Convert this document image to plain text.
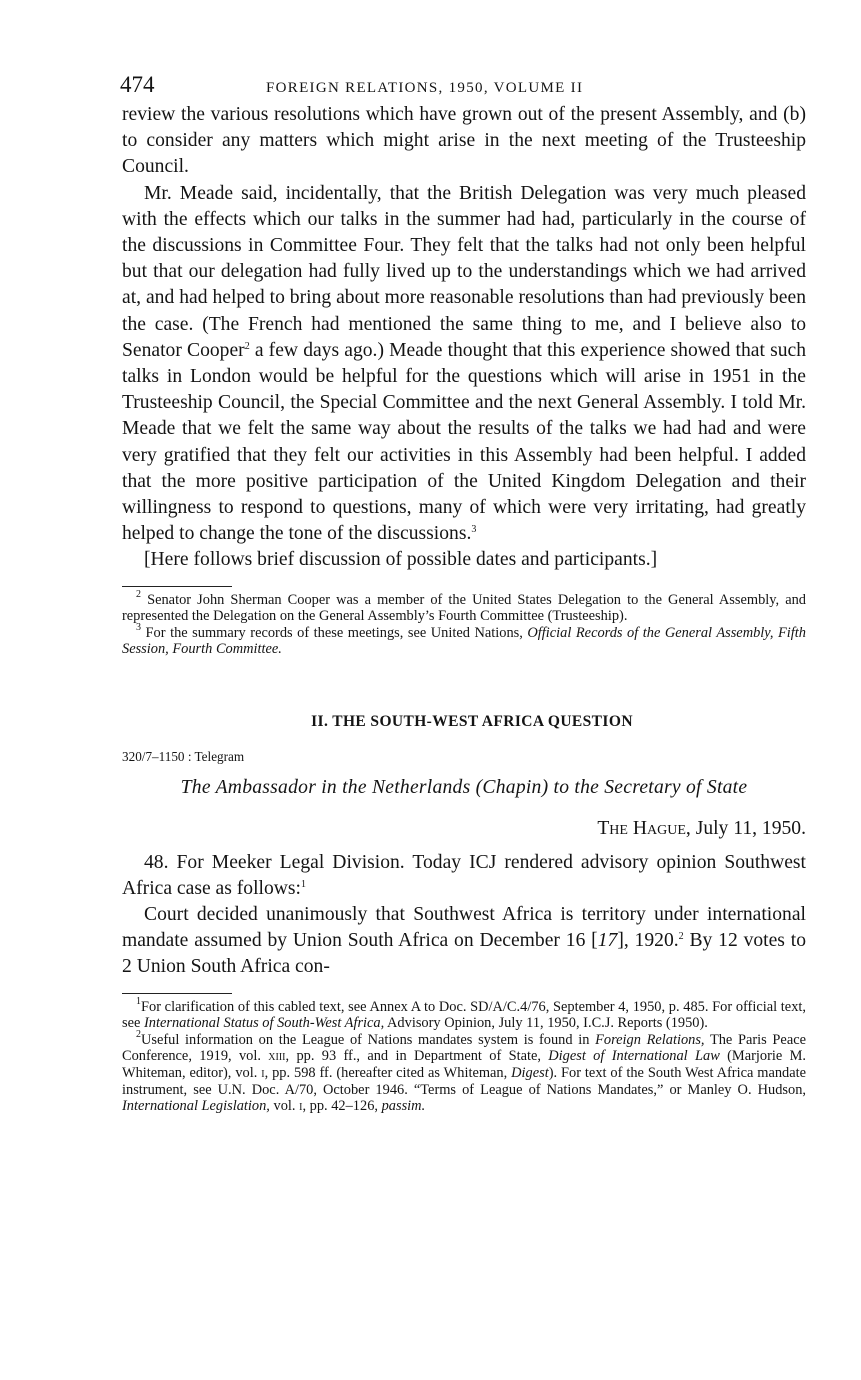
474	FOREIGN RELATIONS, 1950, VOLUME II

review the various resolutions which have grown out of the present Assembly, and (b) to consider any matters which might arise in the next meeting of the Trusteeship Council.

Mr. Meade said, incidentally, that the British Delegation was very much pleased with the effects which our talks in the summer had had, particularly in the course of the discussions in Committee Four. They felt that the talks had not only been helpful but that our delegation had fully lived up to the understandings which we had arrived at, and had helped to bring about more reasonable resolutions than had previously been the case. (The French had mentioned the same thing to me, and I believe also to Senator Cooper$^2$ a few days ago.) Meade thought that this experience showed that such talks in London would be helpful for the questions which will arise in 1951 in the Trusteeship Council, the Special Committee and the next General Assembly. I told Mr. Meade that we felt the same way about the results of the talks we had had and were very gratified that they felt our activities in this Assembly had been helpful. I added that the more positive participation of the United Kingdom Delegation and their willingness to respond to questions, many of which were very irritating, had greatly helped to change the tone of the discussions.$^3$

[Here follows brief discussion of possible dates and participants.]

$^2$ Senator John Sherman Cooper was a member of the United States Delegation to the General Assembly, and represented the Delegation on the General Assembly’s Fourth Committee (Trusteeship).

$^3$ For the summary records of these meetings, see United Nations, Official Records of the General Assembly, Fifth Session, Fourth Committee.

II. THE SOUTH-WEST AFRICA QUESTION
320/7–1150 : Telegram
The Ambassador in the Netherlands (Chapin) to the Secretary of State
The Hague, July 11, 1950.

48. For Meeker Legal Division. Today ICJ rendered advisory opinion Southwest Africa case as follows:$^1$

Court decided unanimously that Southwest Africa is territory under international mandate assumed by Union South Africa on December 16 [17], 1920.$^2$ By 12 votes to 2 Union South Africa con-

$^1$For clarification of this cabled text, see Annex A to Doc. SD/A/C.4/76, September 4, 1950, p. 485. For official text, see International Status of South-West Africa, Advisory Opinion, July 11, 1950, I.C.J. Reports (1950).

$^2$Useful information on the League of Nations mandates system is found in Foreign Relations, The Paris Peace Conference, 1919, vol. xiii, pp. 93 ff., and in Department of State, Digest of International Law (Marjorie M. Whiteman, editor), vol. i, pp. 598 ff. (hereafter cited as Whiteman, Digest). For text of the South West Africa mandate instrument, see U.N. Doc. A/70, October 1946. “Terms of League of Nations Mandates,” or Manley O. Hudson, International Legislation, vol. i, pp. 42–126, passim.
